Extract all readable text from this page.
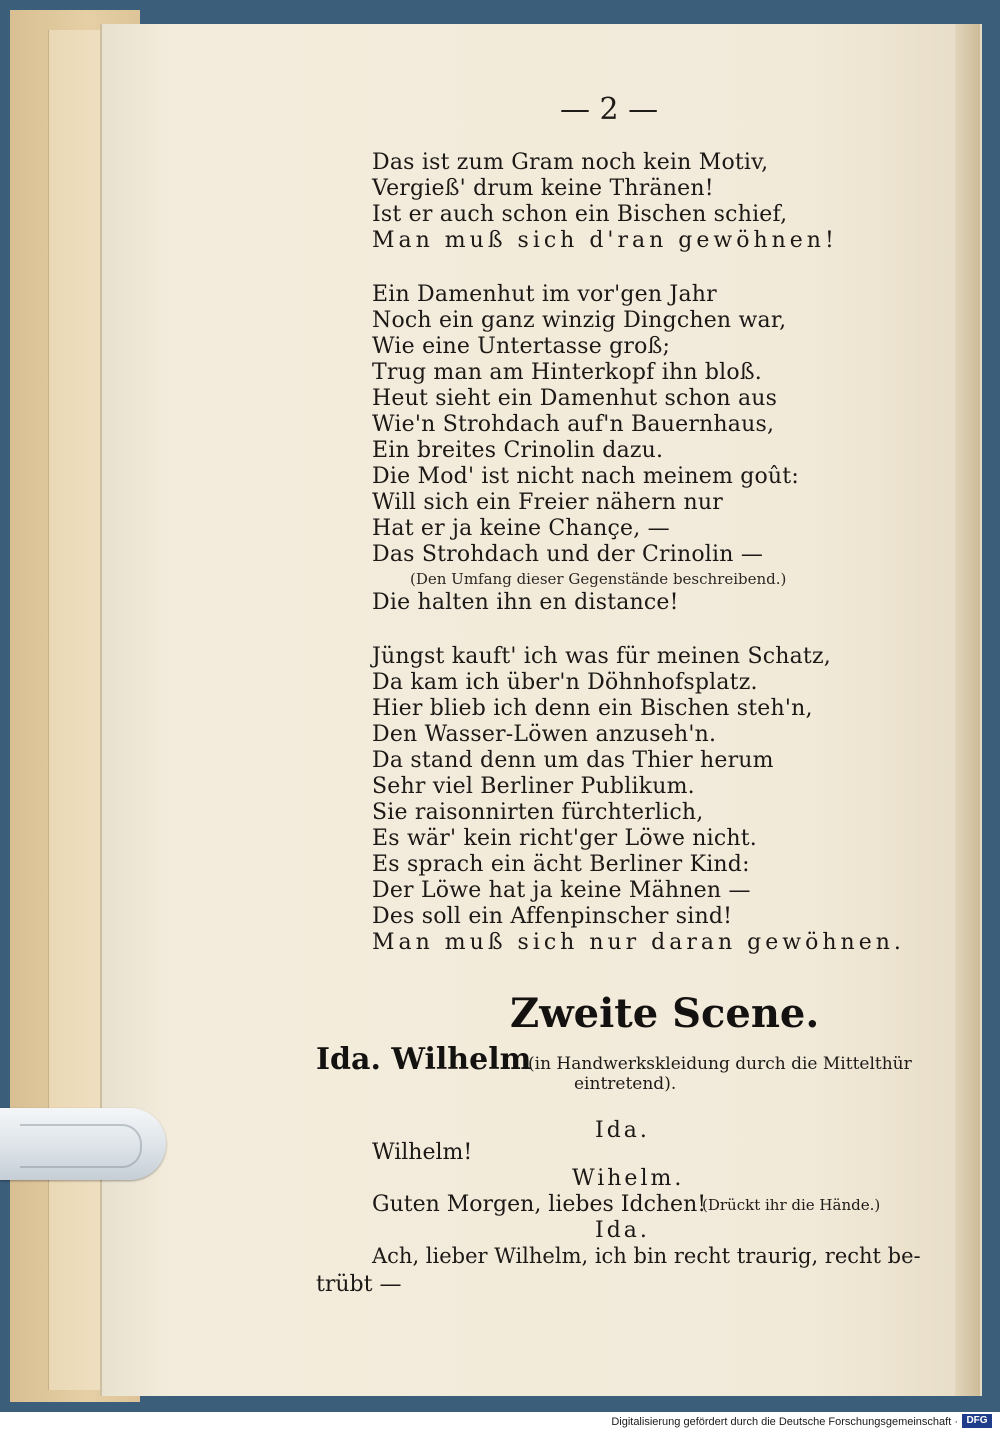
— 2 —
Das ist zum Gram noch kein Motiv,
Vergieß' drum keine Thränen!
Ist er auch schon ein Bischen schief,
Man muß sich d'ran gewöhnen!
Ein Damenhut im vor'gen Jahr
Noch ein ganz winzig Dingchen war,
Wie eine Untertasse groß;
Trug man am Hinterkopf ihn bloß.
Heut sieht ein Damenhut schon aus
Wie'n Strohdach auf'n Bauernhaus,
Ein breites Crinolin dazu.
Die Mod' ist nicht nach meinem goût:
Will sich ein Freier nähern nur
Hat er ja keine Chançe, —
Das Strohdach und der Crinolin —
(Den Umfang dieser Gegenstände beschreibend.)
Die halten ihn en distance!
Jüngst kauft' ich was für meinen Schatz,
Da kam ich über'n Döhnhofsplatz.
Hier blieb ich denn ein Bischen steh'n,
Den Wasser-Löwen anzuseh'n.
Da stand denn um das Thier herum
Sehr viel Berliner Publikum.
Sie raisonnirten fürchterlich,
Es wär' kein richt'ger Löwe nicht.
Es sprach ein ächt Berliner Kind:
Der Löwe hat ja keine Mähnen —
Des soll ein Affenpinscher sind!
Man muß sich nur daran gewöhnen.
Zweite Scene.
Ida. Wilhelm
(in Handwerkskleidung durch die Mittelthür
eintretend).
Ida.
Wilhelm!
Wihelm.
Guten Morgen, liebes Idchen!
(Drückt ihr die Hände.)
Ida.
Ach, lieber Wilhelm, ich bin recht traurig, recht be-
trübt —
Digitalisierung gefördert durch die Deutsche Forschungsgemeinschaft · DFG
